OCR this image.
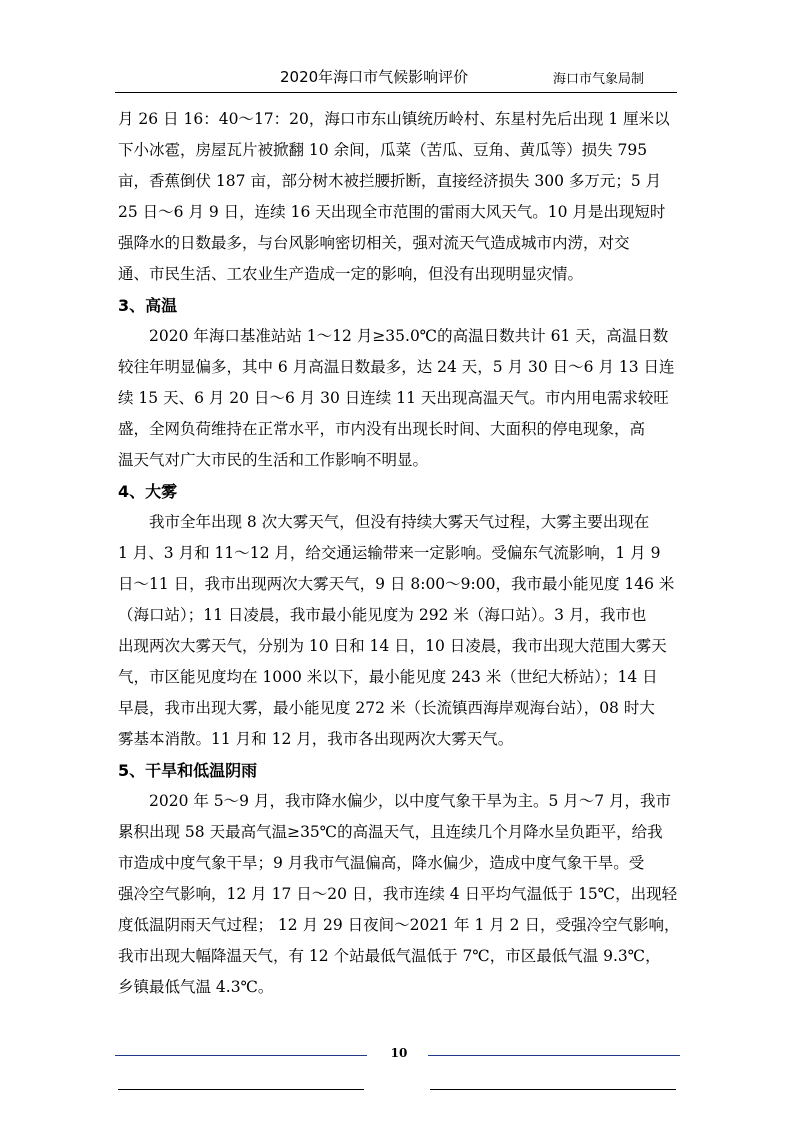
2020年海口市气候影响评价	海口市气象局制
月 26 日 16：40～17：20，海口市东山镇统历岭村、东星村先后出现 1 厘米以
下小冰雹，房屋瓦片被掀翻 10 余间，瓜菜（苦瓜、豆角、黄瓜等）损失 795
亩，香蕉倒伏 187 亩，部分树木被拦腰折断，直接经济损失 300 多万元；5 月
25 日～6 月 9 日，连续 16 天出现全市范围的雷雨大风天气。10 月是出现短时
强降水的日数最多，与台风影响密切相关，强对流天气造成城市内涝，对交
通、市民生活、工农业生产造成一定的影响，但没有出现明显灾情。
3、高温
2020 年海口基准站站 1～12 月≥35.0℃的高温日数共计 61 天，高温日数
较往年明显偏多，其中 6 月高温日数最多，达 24 天，5 月 30 日～6 月 13 日连
续 15 天、6 月 20 日～6 月 30 日连续 11 天出现高温天气。市内用电需求较旺
盛，全网负荷维持在正常水平，市内没有出现长时间、大面积的停电现象，高
温天气对广大市民的生活和工作影响不明显。
4、大雾
我市全年出现 8 次大雾天气，但没有持续大雾天气过程，大雾主要出现在
1 月、3 月和 11～12 月，给交通运输带来一定影响。受偏东气流影响，1 月 9
日～11 日，我市出现两次大雾天气，9 日 8:00～9:00，我市最小能见度 146 米
（海口站）；11 日凌晨，我市最小能见度为 292 米（海口站）。3 月，我市也
出现两次大雾天气，分别为 10 日和 14 日，10 日凌晨，我市出现大范围大雾天
气，市区能见度均在 1000 米以下，最小能见度 243 米（世纪大桥站）；14 日
早晨，我市出现大雾，最小能见度 272 米（长流镇西海岸观海台站），08 时大
雾基本消散。11 月和 12 月，我市各出现两次大雾天气。
5、干旱和低温阴雨
2020 年 5～9 月，我市降水偏少，以中度气象干旱为主。5 月～7 月，我市
累积出现 58 天最高气温≥35℃的高温天气，且连续几个月降水呈负距平，给我
市造成中度气象干旱；9 月我市气温偏高，降水偏少，造成中度气象干旱。受
强冷空气影响，12 月 17 日～20 日，我市连续 4 日平均气温低于 15℃，出现轻
度低温阴雨天气过程； 12 月 29 日夜间～2021 年 1 月 2 日，受强冷空气影响，
我市出现大幅降温天气，有 12 个站最低气温低于 7℃，市区最低气温 9.3℃，
乡镇最低气温 4.3℃。
10
